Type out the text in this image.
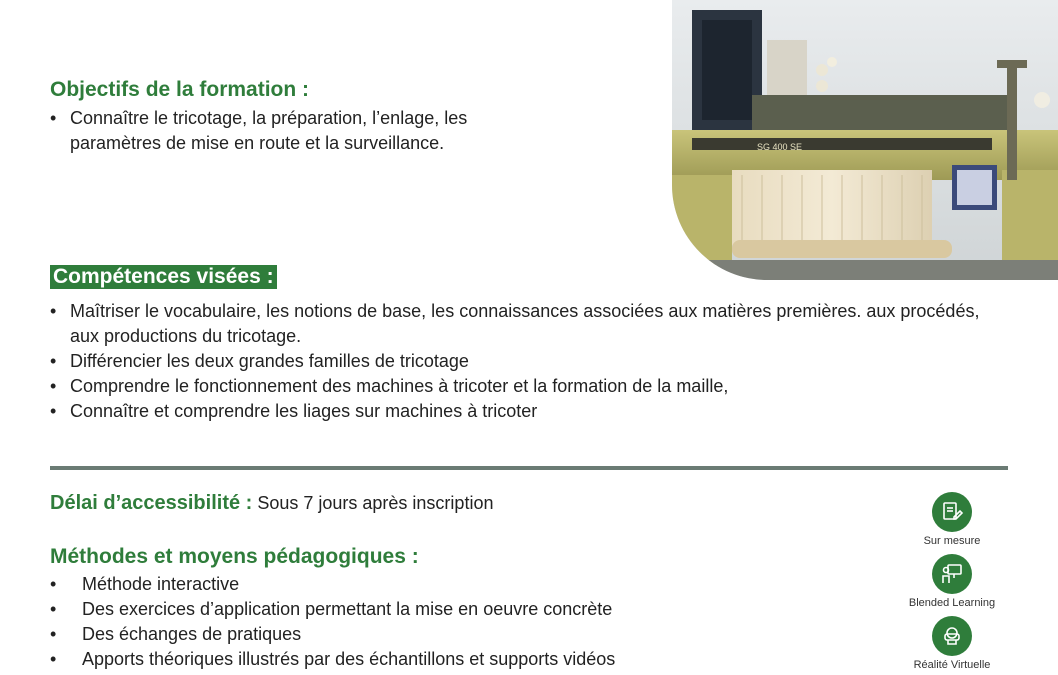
SG 400 SE
Objectifs de la formation :
• Connaître le tricotage, la préparation, l’enlage, les paramètres de mise en route et la surveillance.
Compétences visées :
• Maîtriser le vocabulaire, les notions de base, les connaissances associées aux matières premières. aux procédés, aux productions du tricotage.
• Différencier les deux grandes familles de tricotage
• Comprendre le fonctionnement des machines à tricoter et la formation de la maille,
• Connaître et comprendre les liages sur machines à tricoter
Délai d’accessibilité : Sous 7 jours après inscription
Méthodes et moyens pédagogiques :
• Méthode interactive
• Des exercices d’application permettant la mise en oeuvre concrète
• Des échanges de pratiques
• Apports théoriques illustrés par des échantillons et supports vidéos
Sur mesure
Blended Learning
Réalité Virtuelle
